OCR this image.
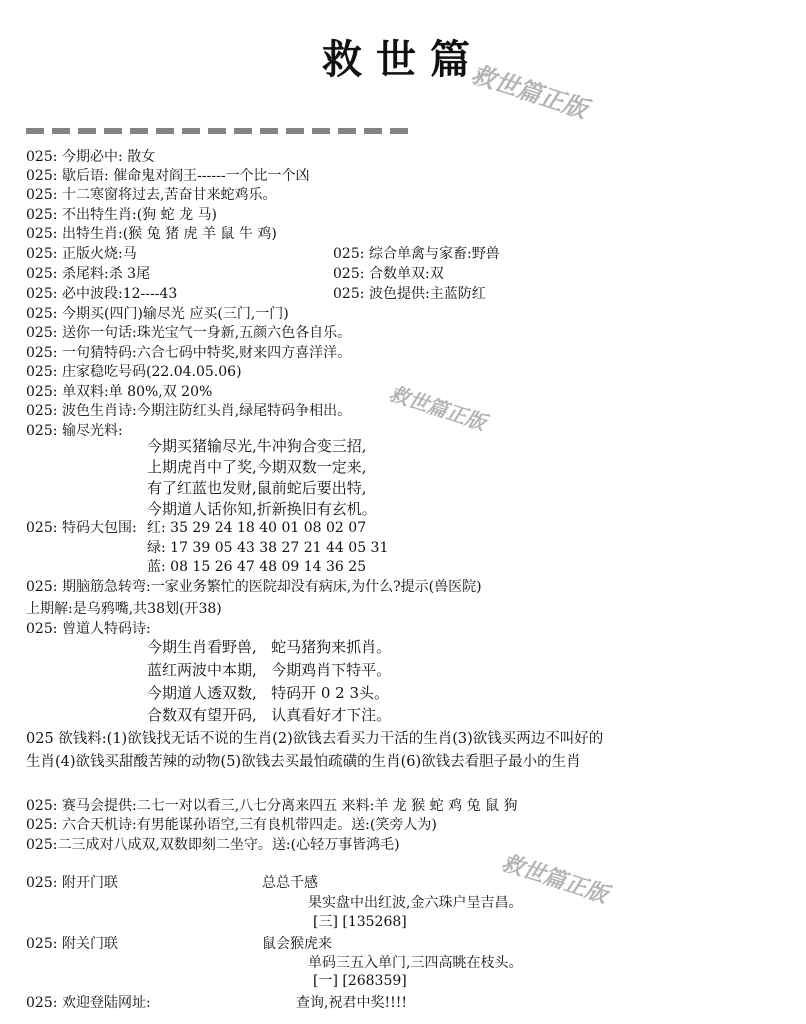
救世篇
救世篇正版
救世篇正版
救世篇正版
025: 今期必中: 散女
025: 歇后语: 催命鬼对阎王------一个比一个凶
025: 十二寒窗将过去,苦奋甘来蛇鸡乐。
025: 不出特生肖:(狗 蛇 龙 马)
025: 出特生肖:(猴 兔 猪 虎 羊 鼠 牛 鸡)
025: 正版火烧:马	025: 综合单禽与家畜:野兽
025: 杀尾料:杀 3尾	025: 合数单双:双
025: 必中波段:12----43	025: 波色提供:主蓝防红
025: 今期买(四门)输尽光 应买(三门,一门)
025: 送你一句话:珠光宝气一身新,五颜六色各自乐。
025: 一句猜特码:六合七码中特奖,财来四方喜洋洋。
025: 庄家稳吃号码(22.04.05.06)
025: 单双料:单 80%,双 20%
025: 波色生肖诗:今期注防红头肖,绿尾特码争相出。
025: 输尽光料:
今期买猪输尽光,牛冲狗合变三招,
上期虎肖中了奖,今期双数一定来,
有了红蓝也发财,鼠前蛇后要出特,
今期道人话你知,折新换旧有玄机。
025: 特码大包围: 红: 35 29 24 18 40 01 08 02 07
绿: 17 39 05 43 38 27 21 44 05 31
蓝: 08 15 26 47 48 09 14 36 25
025: 期脑筋急转弯:一家业务繁忙的医院却没有病床,为什么?提示(兽医院)
上期解:是乌鸦嘴,共38划(开38)
025: 曾道人特码诗:
今期生肖看野兽, 蛇马猪狗来抓肖。
蓝红两波中本期, 今期鸡肖下特平。
今期道人透双数, 特码开 0 2 3头。
合数双有望开码, 认真看好才下注。
025 欲钱料:(1)欲钱找无话不说的生肖(2)欲钱去看买力干活的生肖(3)欲钱买两边不叫好的生肖(4)欲钱买甜酸苦辣的动物(5)欲钱去买最怕疏磺的生肖(6)欲钱去看胆子最小的生肖
025: 赛马会提供:二七一对以看三,八七分离来四五 来料:羊 龙 猴 蛇 鸡 兔 鼠 狗
025: 六合天机诗:有男能谋孙语空,三有良机带四走。送:(笑旁人为)
025:二三成对八成双,双数即刻二坐守。送:(心轻万事皆鸿毛)
025: 附开门联	总总千感
果实盘中出红波,金六珠户呈吉昌。
[三] [135268]
025: 附关门联	鼠会猴虎来
单码三五入单门,三四高眺在枝头。
[一] [268359]
025: 欢迎登陆网址:	查询,祝君中奖!!!!
